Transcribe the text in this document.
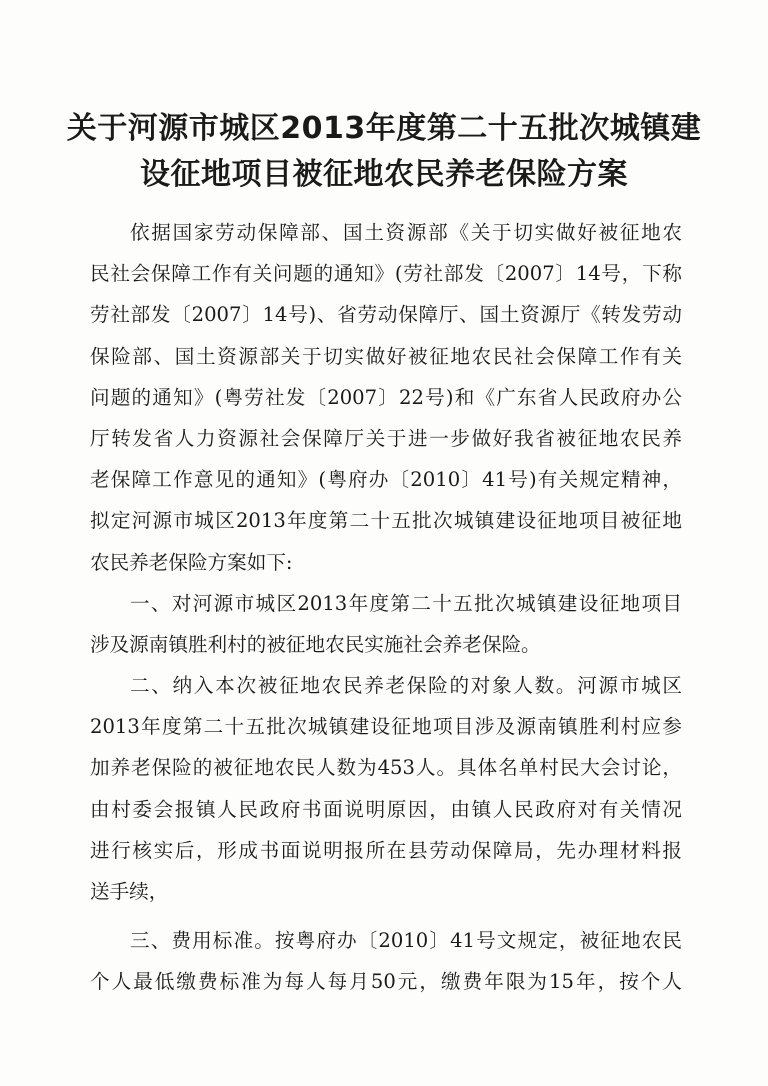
关于河源市城区2013年度第二十五批次城镇建
设征地项目被征地农民养老保险方案
依据国家劳动保障部、国土资源部《关于切实做好被征地农
民社会保障工作有关问题的通知》(劳社部发〔2007〕14号，下称
劳社部发〔2007〕14号)、省劳动保障厅、国土资源厅《转发劳动
保险部、国土资源部关于切实做好被征地农民社会保障工作有关
问题的通知》(粤劳社发〔2007〕22号)和《广东省人民政府办公
厅转发省人力资源社会保障厅关于进一步做好我省被征地农民养
老保障工作意见的通知》(粤府办〔2010〕41号)有关规定精神，
拟定河源市城区2013年度第二十五批次城镇建设征地项目被征地
农民养老保险方案如下:
一、对河源市城区2013年度第二十五批次城镇建设征地项目
涉及源南镇胜利村的被征地农民实施社会养老保险。
二、纳入本次被征地农民养老保险的对象人数。河源市城区
2013年度第二十五批次城镇建设征地项目涉及源南镇胜利村应参
加养老保险的被征地农民人数为453人。具体名单村民大会讨论，
由村委会报镇人民政府书面说明原因，由镇人民政府对有关情况
进行核实后，形成书面说明报所在县劳动保障局，先办理材料报
送手续，
三、费用标准。按粤府办〔2010〕41号文规定，被征地农民
个人最低缴费标准为每人每月50元，缴费年限为15年，按个人
